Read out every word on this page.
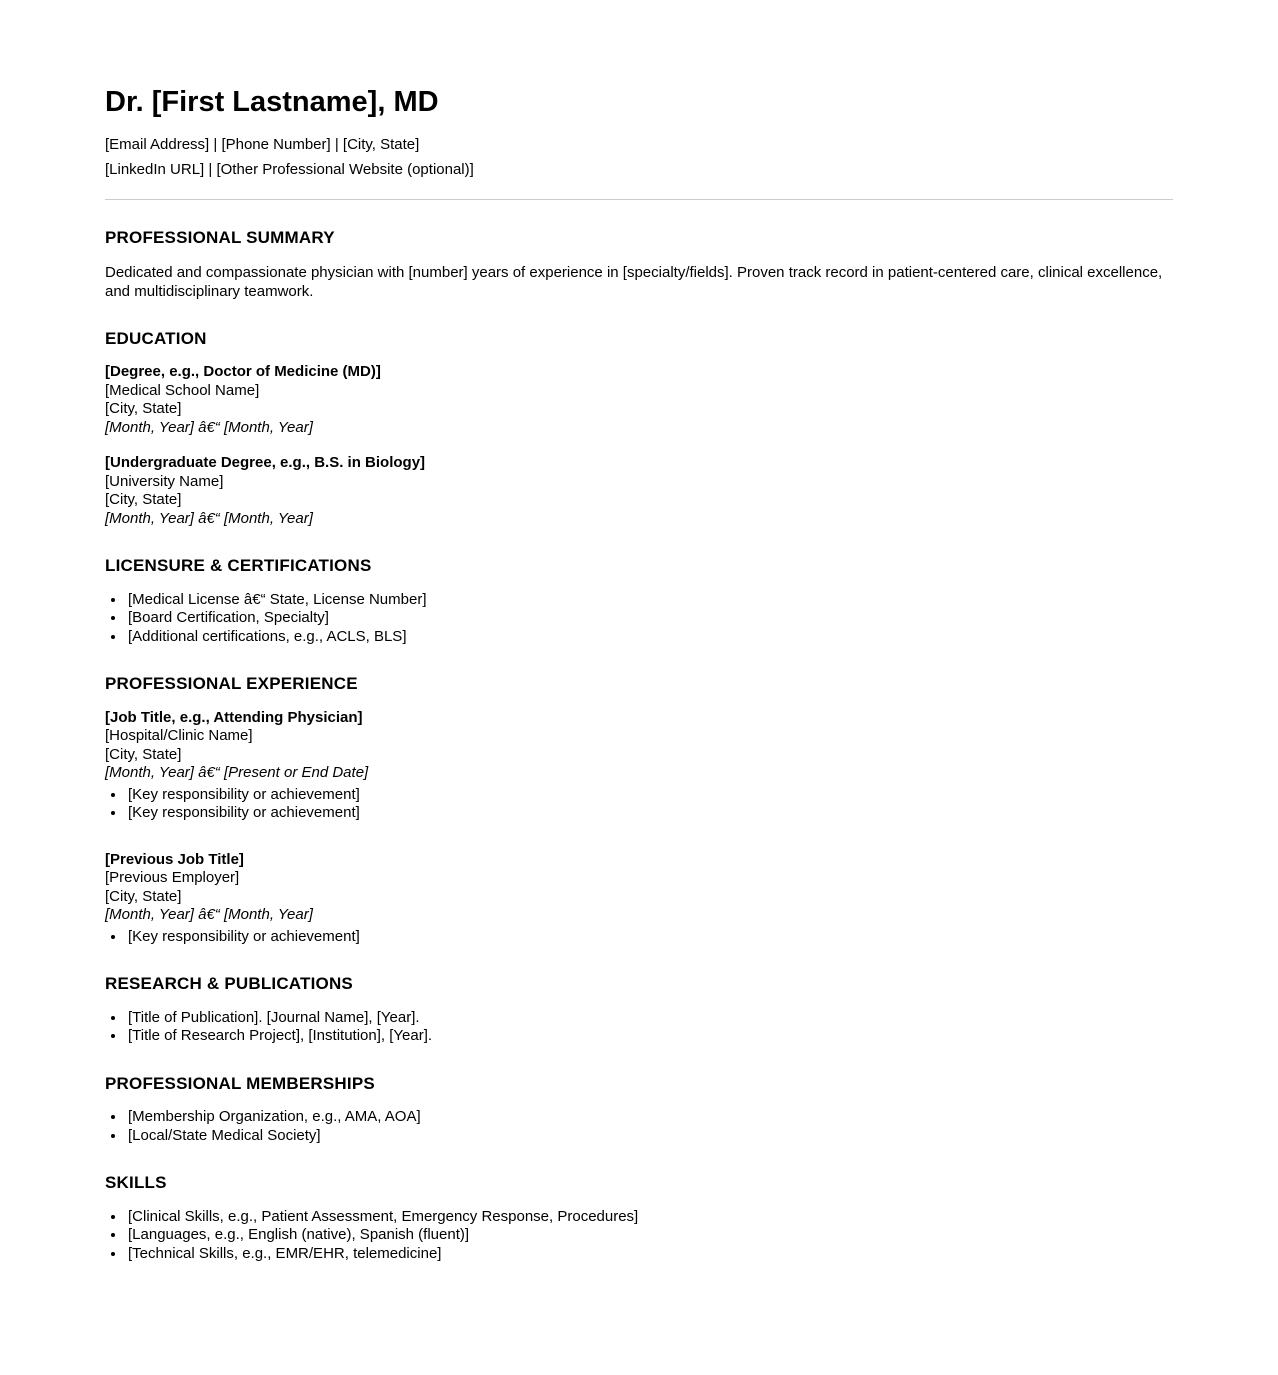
Dr. [First Lastname], MD

[Email Address] | [Phone Number] | [City, State]
[LinkedIn URL] | [Other Professional Website (optional)]

PROFESSIONAL SUMMARY

Dedicated and compassionate physician with [number] years of experience in [specialty/fields]. Proven track record in patient-centered care, clinical excellence, and multidisciplinary teamwork.

EDUCATION
[Degree, e.g., Doctor of Medicine (MD)]
[Medical School Name]
[City, State]
[Month, Year] â€“ [Month, Year]
[Undergraduate Degree, e.g., B.S. in Biology]
[University Name]
[City, State]
[Month, Year] â€“ [Month, Year]
LICENSURE & CERTIFICATIONS
• [Medical License â€“ State, License Number]
• [Board Certification, Specialty]
• [Additional certifications, e.g., ACLS, BLS]
PROFESSIONAL EXPERIENCE
[Job Title, e.g., Attending Physician]
[Hospital/Clinic Name]
[City, State]
[Month, Year] â€“ [Present or End Date]
• [Key responsibility or achievement]
• [Key responsibility or achievement]
[Previous Job Title]
[Previous Employer]
[City, State]
[Month, Year] â€“ [Month, Year]
• [Key responsibility or achievement]
RESEARCH & PUBLICATIONS
• [Title of Publication]. [Journal Name], [Year].
• [Title of Research Project], [Institution], [Year].
PROFESSIONAL MEMBERSHIPS
• [Membership Organization, e.g., AMA, AOA]
• [Local/State Medical Society]
SKILLS
• [Clinical Skills, e.g., Patient Assessment, Emergency Response, Procedures]
• [Languages, e.g., English (native), Spanish (fluent)]
• [Technical Skills, e.g., EMR/EHR, telemedicine]
